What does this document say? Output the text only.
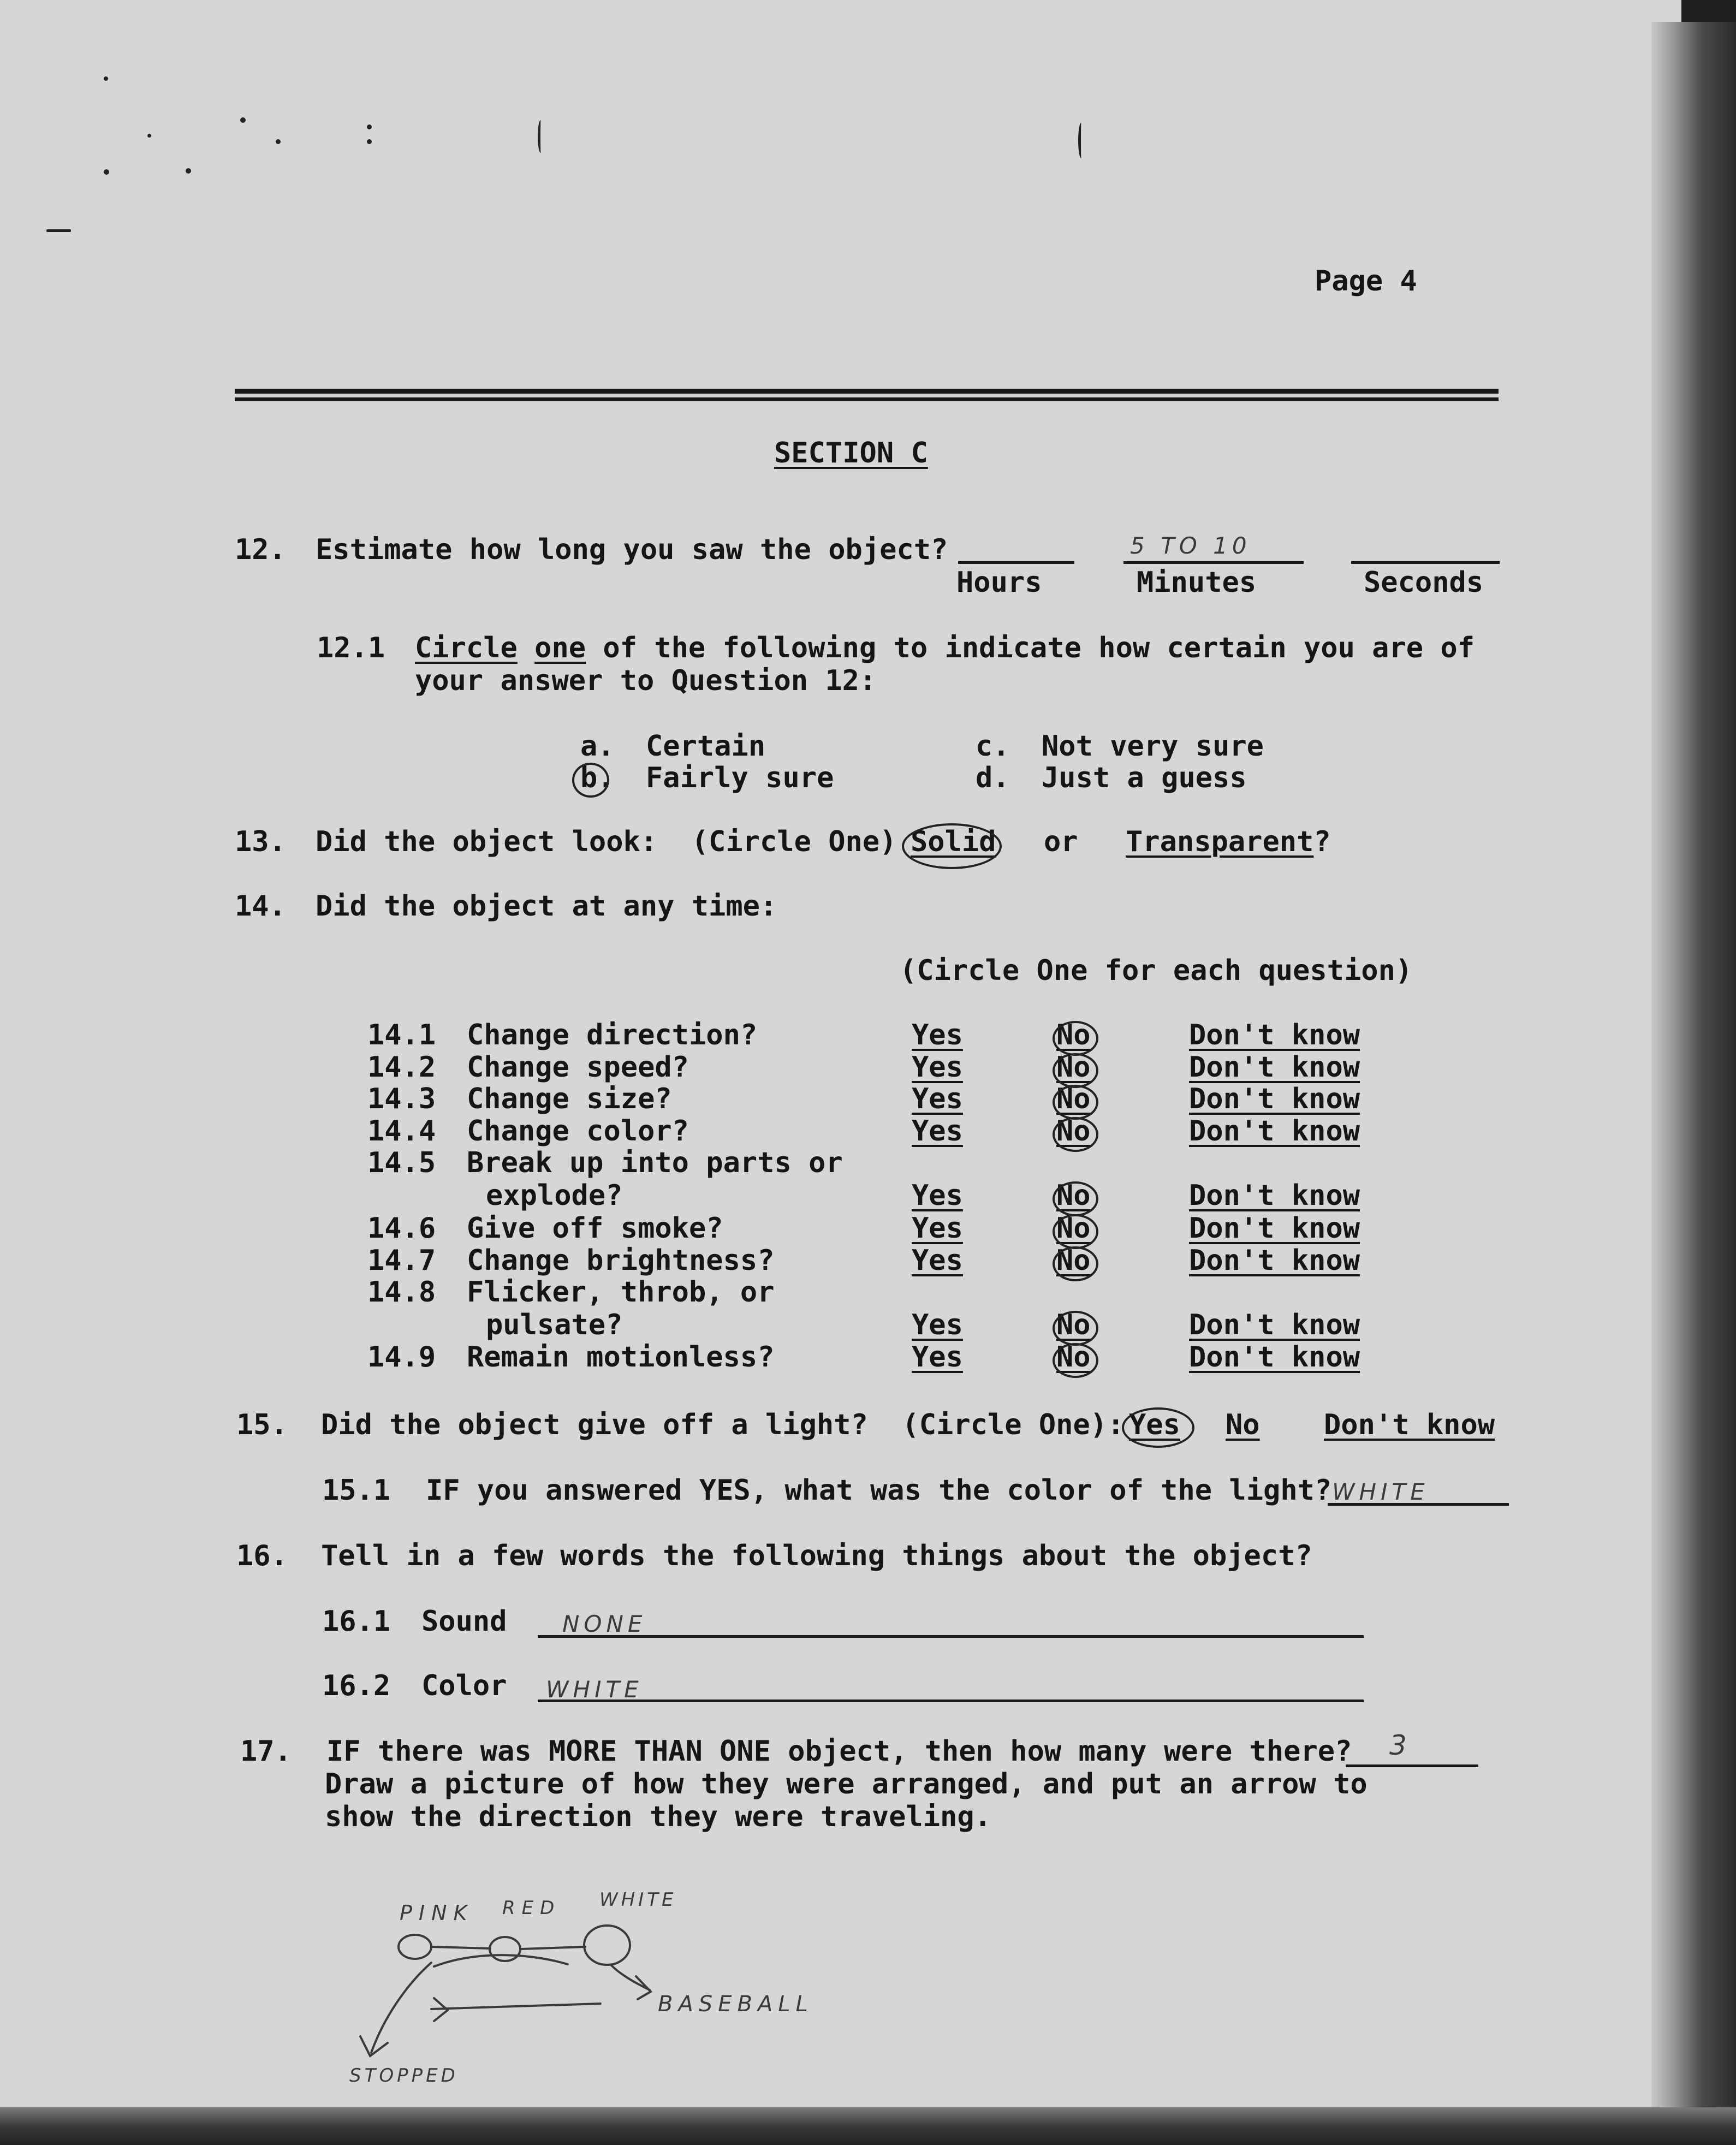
Page 4
SECTION C
12. Estimate how long you saw the object?	5 TO 10
Hours	Minutes	Seconds
12.1 Circle one of the following to indicate how certain you are of
your answer to Question 12:
a. Certain
b. Fairly sure
c. Not very sure
d. Just a guess
13. Did the object look:  (Circle One) Solid or Transparent?
14. Did the object at any time:
(Circle One for each question)
15. Did the object give off a light?  (Circle One): Yes No Don't know
15.1 IF you answered YES, what was the color of the light? WHITE
16. Tell in a few words the following things about the object?
16.1 Sound NONE
16.2 Color WHITE
17. IF there was MORE THAN ONE object, then how many were there? 3
Draw a picture of how they were arranged, and put an arrow to
show the direction they were traveling.
PINK RED WHITE
BASEBALL
STOPPED
14.1 Change direction?	Yes	No	Don't know
14.2 Change speed?	Yes	No	Don't know
14.3 Change size?	Yes	No	Don't know
14.4 Change color?	Yes	No	Don't know
14.5 Break up into parts or
explode?	Yes	No	Don't know
14.6 Give off smoke?	Yes	No	Don't know
14.7 Change brightness?	Yes	No	Don't know
14.8 Flicker, throb, or
pulsate?	Yes	No	Don't know
14.9 Remain motionless?	Yes	No	Don't know
